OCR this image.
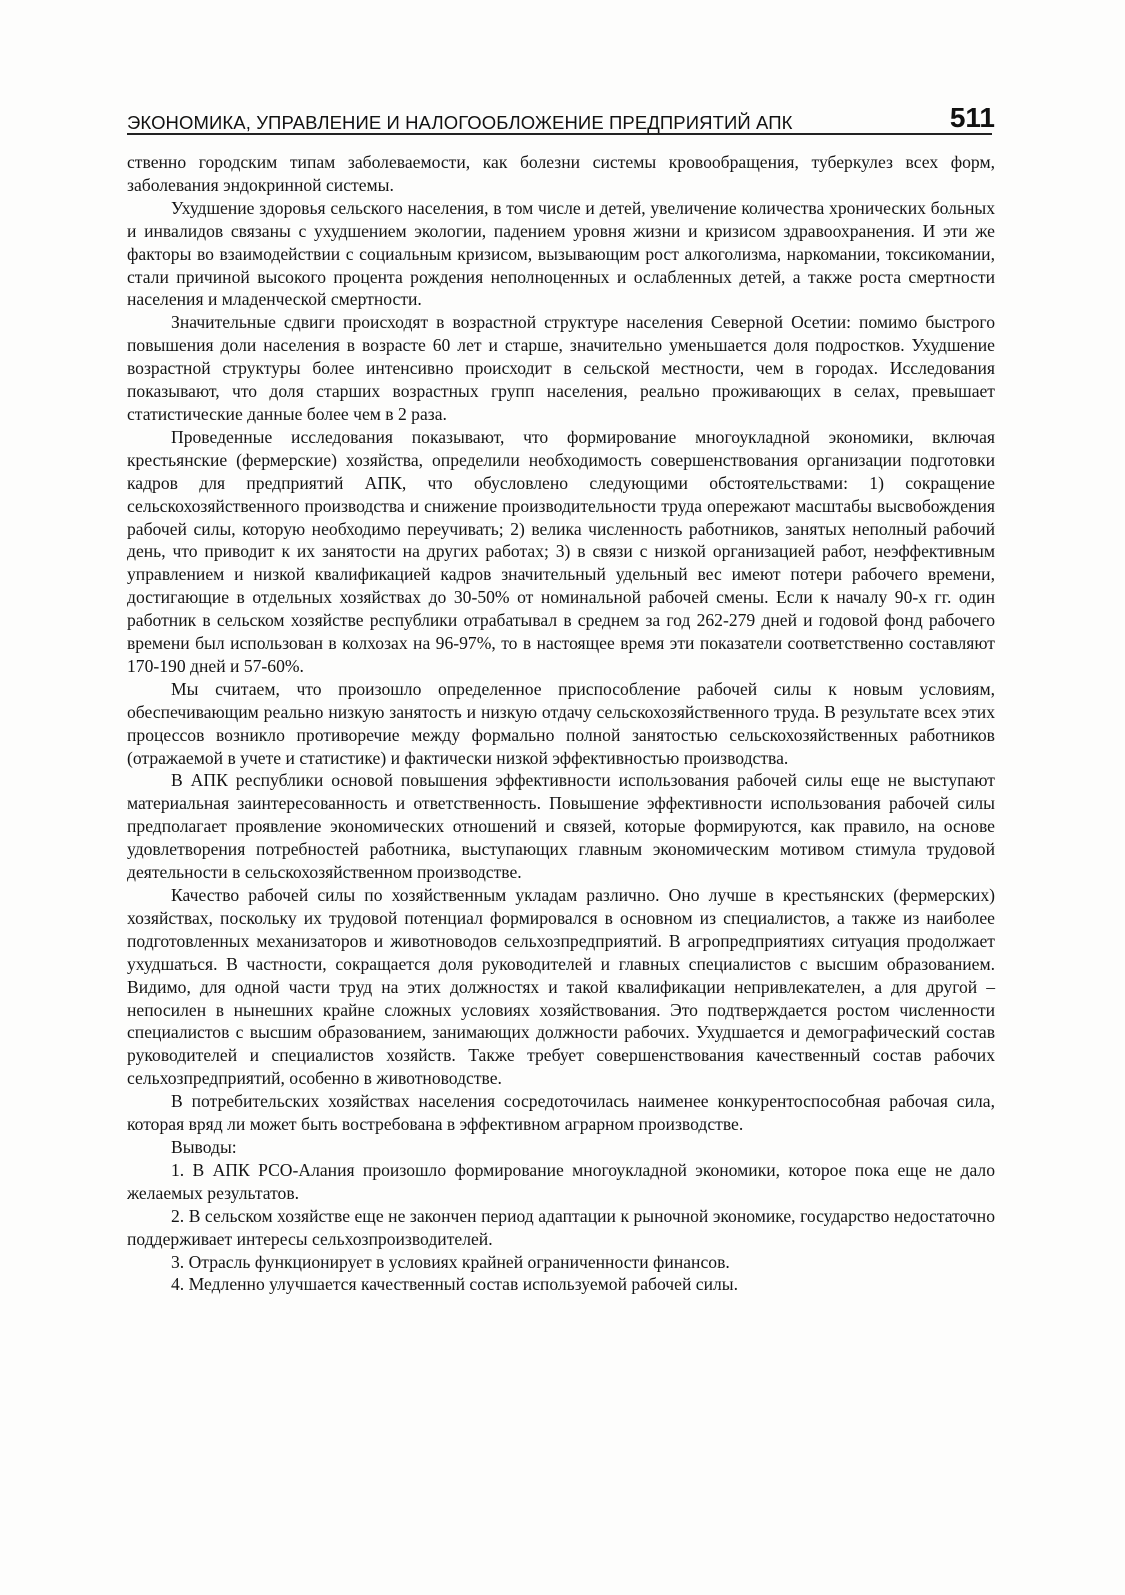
ЭКОНОМИКА, УПРАВЛЕНИЕ И НАЛОГООБЛОЖЕНИЕ ПРЕДПРИЯТИЙ АПК	511

ственно городским типам заболеваемости, как болезни системы кровообращения, туберкулез всех форм, заболевания эндокринной системы.

Ухудшение здоровья сельского населения, в том числе и детей, увеличение количества хронических больных и инвалидов связаны с ухудшением экологии, падением уровня жизни и кризисом здравоохранения. И эти же факторы во взаимодействии с социальным кризисом, вызывающим рост алкоголизма, наркомании, токсикомании, стали причиной высокого процента рождения неполноценных и ослабленных детей, а также роста смертности населения и младенческой смертности.

Значительные сдвиги происходят в возрастной структуре населения Северной Осетии: помимо быстрого повышения доли населения в возрасте 60 лет и старше, значительно уменьшается доля подростков. Ухудшение возрастной структуры более интенсивно происходит в сельской местности, чем в городах. Исследования показывают, что доля старших возрастных групп населения, реально проживающих в селах, превышает статистические данные более чем в 2 раза.

Проведенные исследования показывают, что формирование многоукладной экономики, включая крестьянские (фермерские) хозяйства, определили необходимость совершенствования организации подготовки кадров для предприятий АПК, что обусловлено следующими обстоятельствами: 1) сокращение сельскохозяйственного производства и снижение производительности труда опережают масштабы высвобождения рабочей силы, которую необходимо переучивать; 2) велика численность работников, занятых неполный рабочий день, что приводит к их занятости на других работах; 3) в связи с низкой организацией работ, неэффективным управлением и низкой квалификацией кадров значительный удельный вес имеют потери рабочего времени, достигающие в отдельных хозяйствах до 30-50% от номинальной рабочей смены. Если к началу 90-х гг. один работник в сельском хозяйстве республики отрабатывал в среднем за год 262-279 дней и годовой фонд рабочего времени был использован в колхозах на 96-97%, то в настоящее время эти показатели соответственно составляют 170-190 дней и 57-60%.

Мы считаем, что произошло определенное приспособление рабочей силы к новым условиям, обеспечивающим реально низкую занятость и низкую отдачу сельскохозяйственного труда. В результате всех этих процессов возникло противоречие между формально полной занятостью сельскохозяйственных работников (отражаемой в учете и статистике) и фактически низкой эффективностью производства.

В АПК республики основой повышения эффективности использования рабочей силы еще не выступают материальная заинтересованность и ответственность. Повышение эффективности использования рабочей силы предполагает проявление экономических отношений и связей, которые формируются, как правило, на основе удовлетворения потребностей работника, выступающих главным экономическим мотивом стимула трудовой деятельности в сельскохозяйственном производстве.

Качество рабочей силы по хозяйственным укладам различно. Оно лучше в крестьянских (фермерских) хозяйствах, поскольку их трудовой потенциал формировался в основном из специалистов, а также из наиболее подготовленных механизаторов и животноводов сельхозпредприятий. В агропредприятиях ситуация продолжает ухудшаться. В частности, сокращается доля руководителей и главных специалистов с высшим образованием. Видимо, для одной части труд на этих должностях и такой квалификации непривлекателен, а для другой – непосилен в нынешних крайне сложных условиях хозяйствования. Это подтверждается ростом численности специалистов с высшим образованием, занимающих должности рабочих. Ухудшается и демографический состав руководителей и специалистов хозяйств. Также требует совершенствования качественный состав рабочих сельхозпредприятий, особенно в животноводстве.

В потребительских хозяйствах населения сосредоточилась наименее конкурентоспособная рабочая сила, которая вряд ли может быть востребована в эффективном аграрном производстве.

Выводы:

1. В АПК РСО-Алания произошло формирование многоукладной экономики, которое пока еще не дало желаемых результатов.

2. В сельском хозяйстве еще не закончен период адаптации к рыночной экономике, государство недостаточно поддерживает интересы сельхозпроизводителей.

3. Отрасль функционирует в условиях крайней ограниченности финансов.

4. Медленно улучшается качественный состав используемой рабочей силы.
